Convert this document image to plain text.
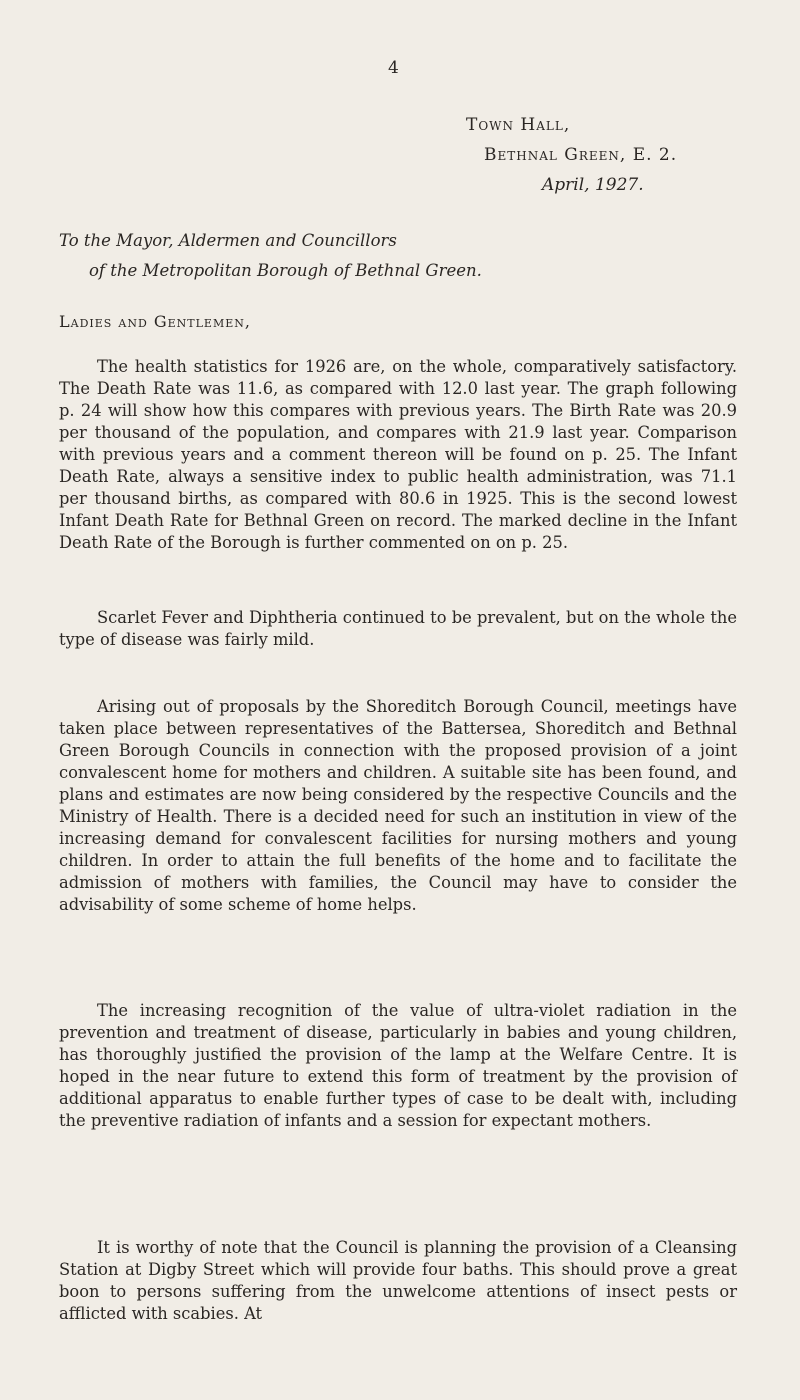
4
Town Hall,
Bethnal Green, E. 2.
April, 1927.
To the Mayor, Aldermen and Councillors
of the Metropolitan Borough of Bethnal Green.
Ladies and Gentlemen,

The health statistics for 1926 are, on the whole, comparatively satisfactory. The Death Rate was 11.6, as compared with 12.0 last year. The graph following p. 24 will show how this compares with previous years. The Birth Rate was 20.9 per thousand of the population, and compares with 21.9 last year. Comparison with previous years and a comment thereon will be found on p. 25. The Infant Death Rate, always a sensitive index to public health administration, was 71.1 per thousand births, as compared with 80.6 in 1925. This is the second lowest Infant Death Rate for Bethnal Green on record. The marked decline in the Infant Death Rate of the Borough is further commented on on p. 25.

Scarlet Fever and Diphtheria continued to be prevalent, but on the whole the type of disease was fairly mild.

Arising out of proposals by the Shoreditch Borough Council, meetings have taken place between representatives of the Battersea, Shoreditch and Bethnal Green Borough Councils in connection with the proposed provision of a joint convalescent home for mothers and children. A suitable site has been found, and plans and estimates are now being considered by the respective Councils and the Ministry of Health. There is a decided need for such an institution in view of the increasing demand for convalescent facilities for nursing mothers and young children. In order to attain the full benefits of the home and to facilitate the admission of mothers with families, the Council may have to consider the advisability of some scheme of home helps.

The increasing recognition of the value of ultra-violet radiation in the prevention and treatment of disease, particularly in babies and young children, has thoroughly justified the provision of the lamp at the Welfare Centre. It is hoped in the near future to extend this form of treatment by the provision of additional apparatus to enable further types of case to be dealt with, including the preventive radiation of infants and a session for expectant mothers.

It is worthy of note that the Council is planning the provision of a Cleansing Station at Digby Street which will provide four baths. This should prove a great boon to persons suffering from the unwelcome attentions of insect pests or afflicted with scabies. At
